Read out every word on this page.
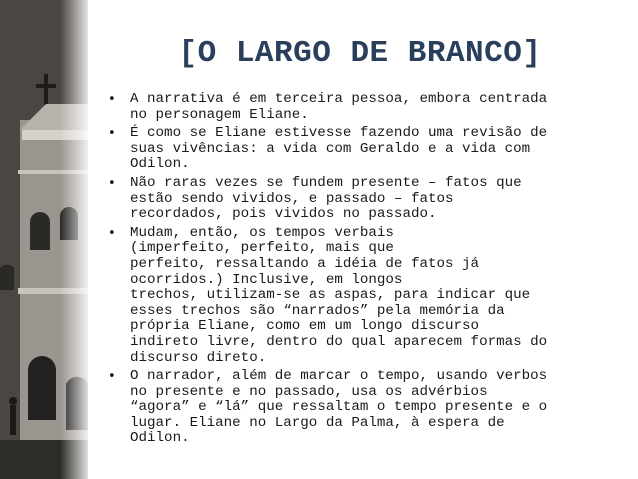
[O LARGO DE BRANCO]
• A narrativa é em terceira pessoa, embora centrada
no personagem Eliane.
• É como se Eliane estivesse fazendo uma revisão de
suas vivências: a vida com Geraldo e a vida com
Odilon.
• Não raras vezes se fundem presente – fatos que
estão sendo vividos, e passado – fatos
recordados, pois vividos no passado.
• Mudam, então, os tempos verbais
(imperfeito, perfeito, mais que
perfeito, ressaltando a idéia de fatos já
ocorridos.) Inclusive, em longos
trechos, utilizam-se as aspas, para indicar que
esses trechos são “narrados” pela memória da
própria Eliane, como em um longo discurso
indireto livre, dentro do qual aparecem formas do
discurso direto.
• O narrador, além de marcar o tempo, usando verbos
no presente e no passado, usa os advérbios
“agora” e “lá” que ressaltam o tempo presente e o
lugar. Eliane no Largo da Palma, à espera de
Odilon.
